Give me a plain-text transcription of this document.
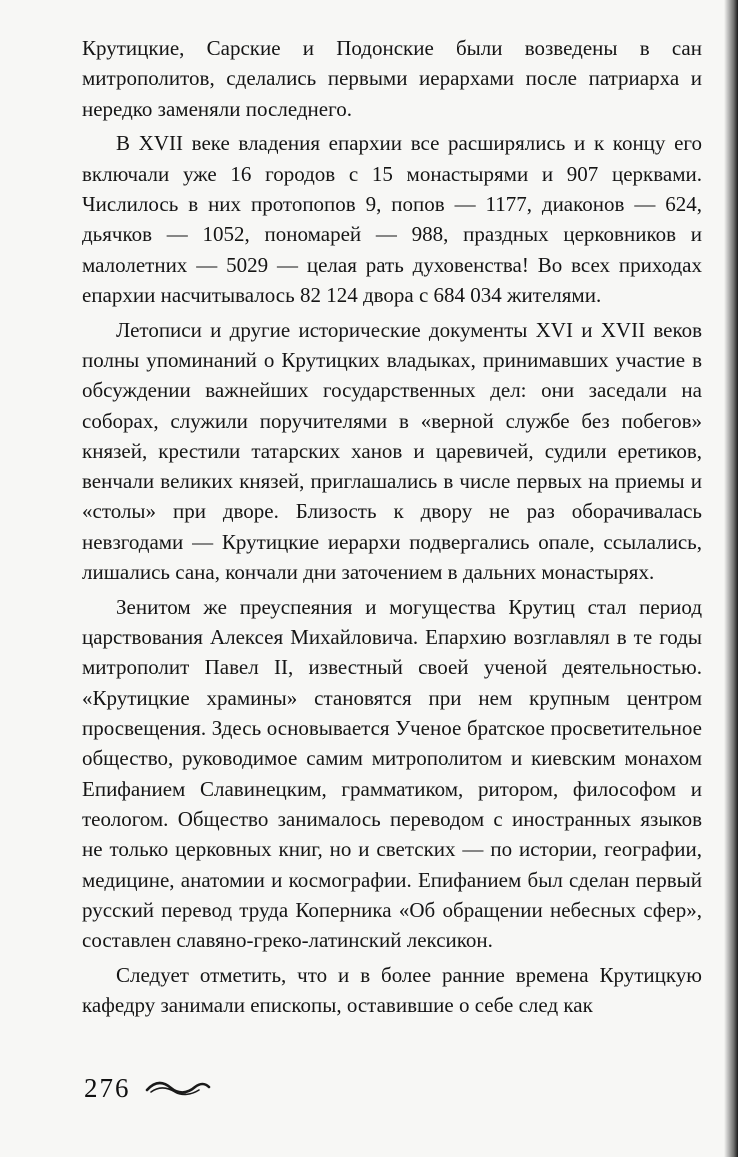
Крутицкие, Сарские и Подонские были возведены в сан митрополитов, сделались первыми иерархами после патриарха и нередко заменяли последнего.

В XVII веке владения епархии все расширялись и к концу его включали уже 16 городов с 15 монастырями и 907 церквами. Числилось в них протопопов 9, попов — 1177, диаконов — 624, дьячков — 1052, пономарей — 988, праздных церковников и малолетних — 5029 — целая рать духовенства! Во всех приходах епархии насчитывалось 82 124 двора с 684 034 жителями.

Летописи и другие исторические документы XVI и XVII веков полны упоминаний о Крутицких владыках, принимавших участие в обсуждении важнейших государственных дел: они заседали на соборах, служили поручителями в «верной службе без побегов» князей, крестили татарских ханов и царевичей, судили еретиков, венчали великих князей, приглашались в числе первых на приемы и «столы» при дворе. Близость к двору не раз оборачивалась невзгодами — Крутицкие иерархи подвергались опале, ссылались, лишались сана, кончали дни заточением в дальних монастырях.

Зенитом же преуспеяния и могущества Крутиц стал период царствования Алексея Михайловича. Епархию возглавлял в те годы митрополит Павел II, известный своей ученой деятельностью. «Крутицкие храмины» становятся при нем крупным центром просвещения. Здесь основывается Ученое братское просветительное общество, руководимое самим митрополитом и киевским монахом Епифанием Славинецким, грамматиком, ритором, философом и теологом. Общество занималось переводом с иностранных языков не только церковных книг, но и светских — по истории, географии, медицине, анатомии и космографии. Епифанием был сделан первый русский перевод труда Коперника «Об обращении небесных сфер», составлен славяно-греко-латинский лексикон.

Следует отметить, что и в более ранние времена Крутицкую кафедру занимали епископы, оставившие о себе след как

276
